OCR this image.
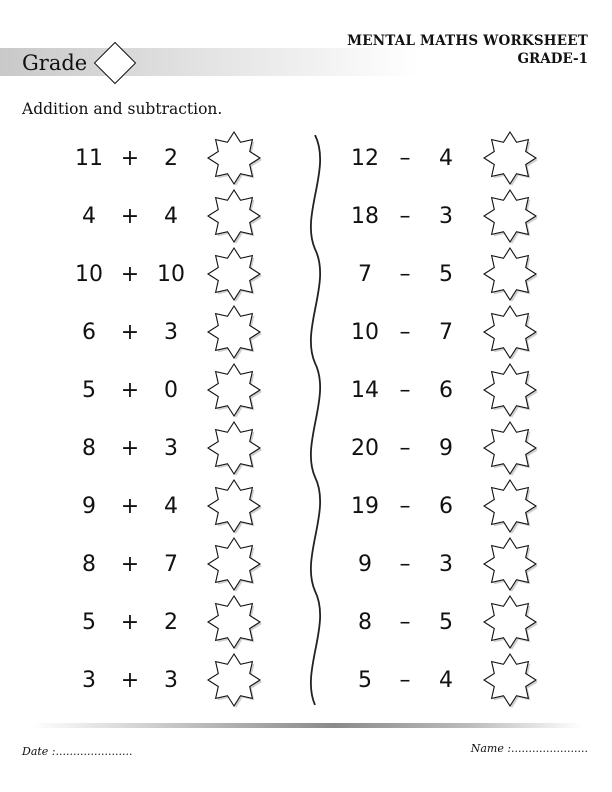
Grade
MENTAL MATHS WORKSHEET
GRADE-1
Addition and subtraction.
11 +	2
4	+	4
10 + 10
6	+	3
5	+	0
8	+	3
9	+	4
8	+	7
5	+	2
3	+	3
12 –	4
18 –	3
7	–	5
10 –	7
14 –	6
20 –	9
19 –	6
9	–	3
8	–	5
5	–	4
Date :......................	Name :......................
